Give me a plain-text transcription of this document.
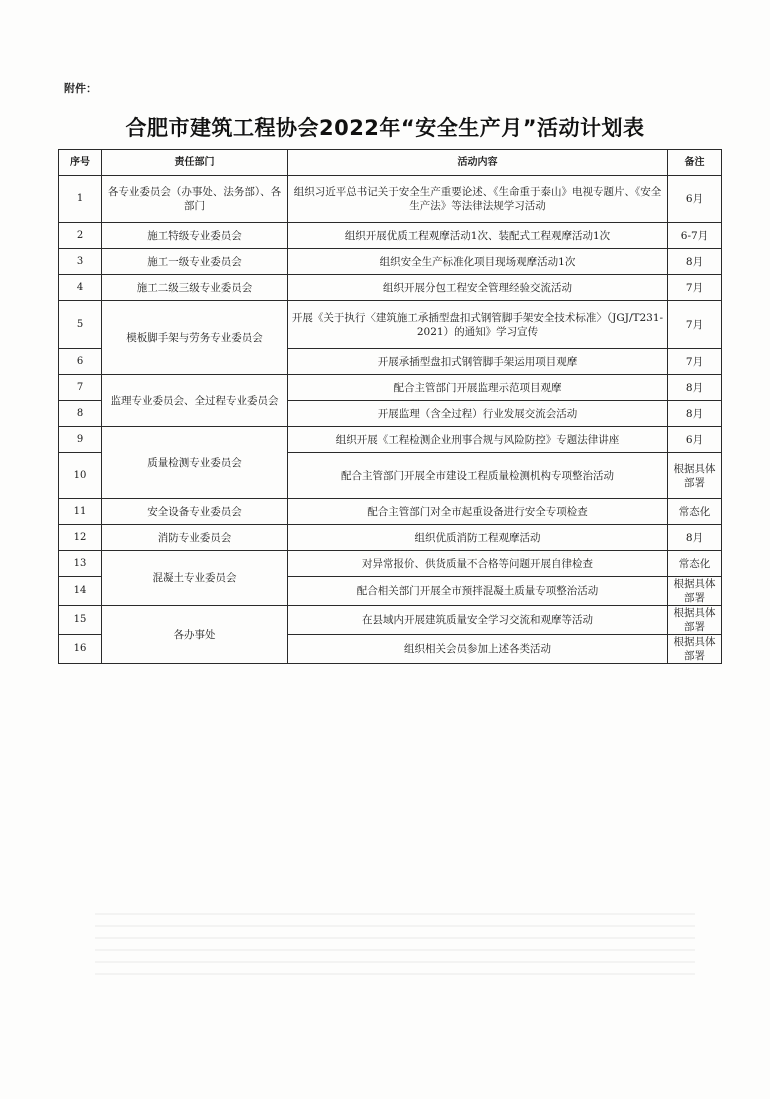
附件：
合肥市建筑工程协会2022年“安全生产月”活动计划表
序号	责任部门	活动内容	备注
1	各专业委员会（办事处、法务部）、各部门	组织习近平总书记关于安全生产重要论述、《生命重于泰山》电视专题片、《安全生产法》等法律法规学习活动	6月
2	施工特级专业委员会	组织开展优质工程观摩活动1次、装配式工程观摩活动1次	6-7月
3	施工一级专业委员会	组织安全生产标准化项目现场观摩活动1次	8月
4	施工二级三级专业委员会	组织开展分包工程安全管理经验交流活动	7月
5	模板脚手架与劳务专业委员会	开展《关于执行〈建筑施工承插型盘扣式钢管脚手架安全技术标准〉（JGJ/T231-2021）的通知》学习宣传	7月
6		开展承插型盘扣式钢管脚手架运用项目观摩	7月
7	监理专业委员会、全过程专业委员会	配合主管部门开展监理示范项目观摩	8月
8		开展监理（含全过程）行业发展交流会活动	8月
9	质量检测专业委员会	组织开展《工程检测企业刑事合规与风险防控》专题法律讲座	6月
10		配合主管部门开展全市建设工程质量检测机构专项整治活动	根据具体部署
11	安全设备专业委员会	配合主管部门对全市起重设备进行安全专项检查	常态化
12	消防专业委员会	组织优质消防工程观摩活动	8月
13	混凝土专业委员会	对异常报价、供货质量不合格等问题开展自律检查	常态化
14		配合相关部门开展全市预拌混凝土质量专项整治活动	根据具体部署
15	各办事处	在县域内开展建筑质量安全学习交流和观摩等活动	根据具体部署
16		组织相关会员参加上述各类活动	根据具体部署
